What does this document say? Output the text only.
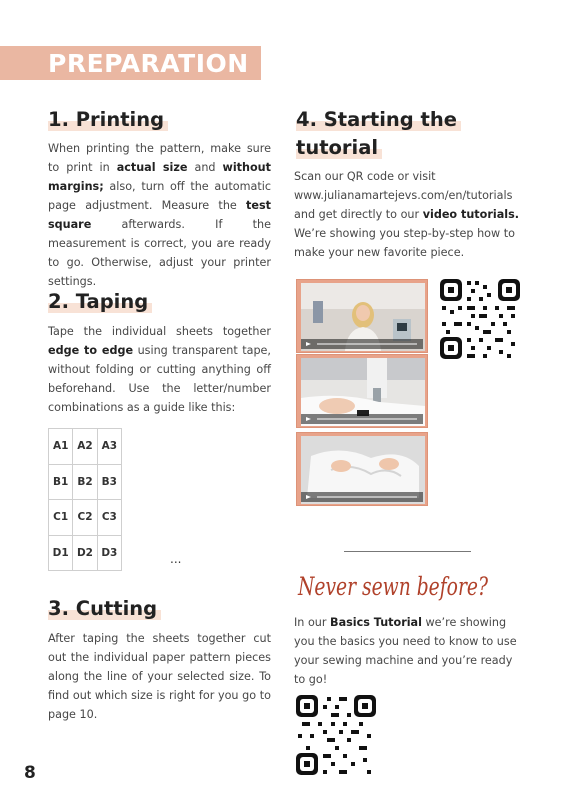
PREPARATION
1. Printing
When printing the pattern, make sure to print in actual size and without margins; also, turn off the automatic page adjustment. Measure the test square afterwards. If the measurement is correct, you are ready to go. Otherwise, adjust your printer settings.
2. Taping
Tape the individual sheets together edge to edge using transparent tape, without folding or cutting anything off beforehand. Use the letter/number combinations as a guide like this:
A1	A2	A3
B1	B2	B3
C1	C2	C3
D1	D2	D3	...
3. Cutting
After taping the sheets together cut out the individual paper pattern pieces along the line of your selected size. To find out which size is right for you go to page 10.
4. Starting the
tutorial
Scan our QR code or visit www.julianamartejevs.com/en/tutorials and get directly to our video tutorials. We’re showing you step-by-step how to make your new favorite piece.
Never sewn before?
In our Basics Tutorial we’re showing you the basics you need to know to use your sewing machine and you’re ready to go!
8
